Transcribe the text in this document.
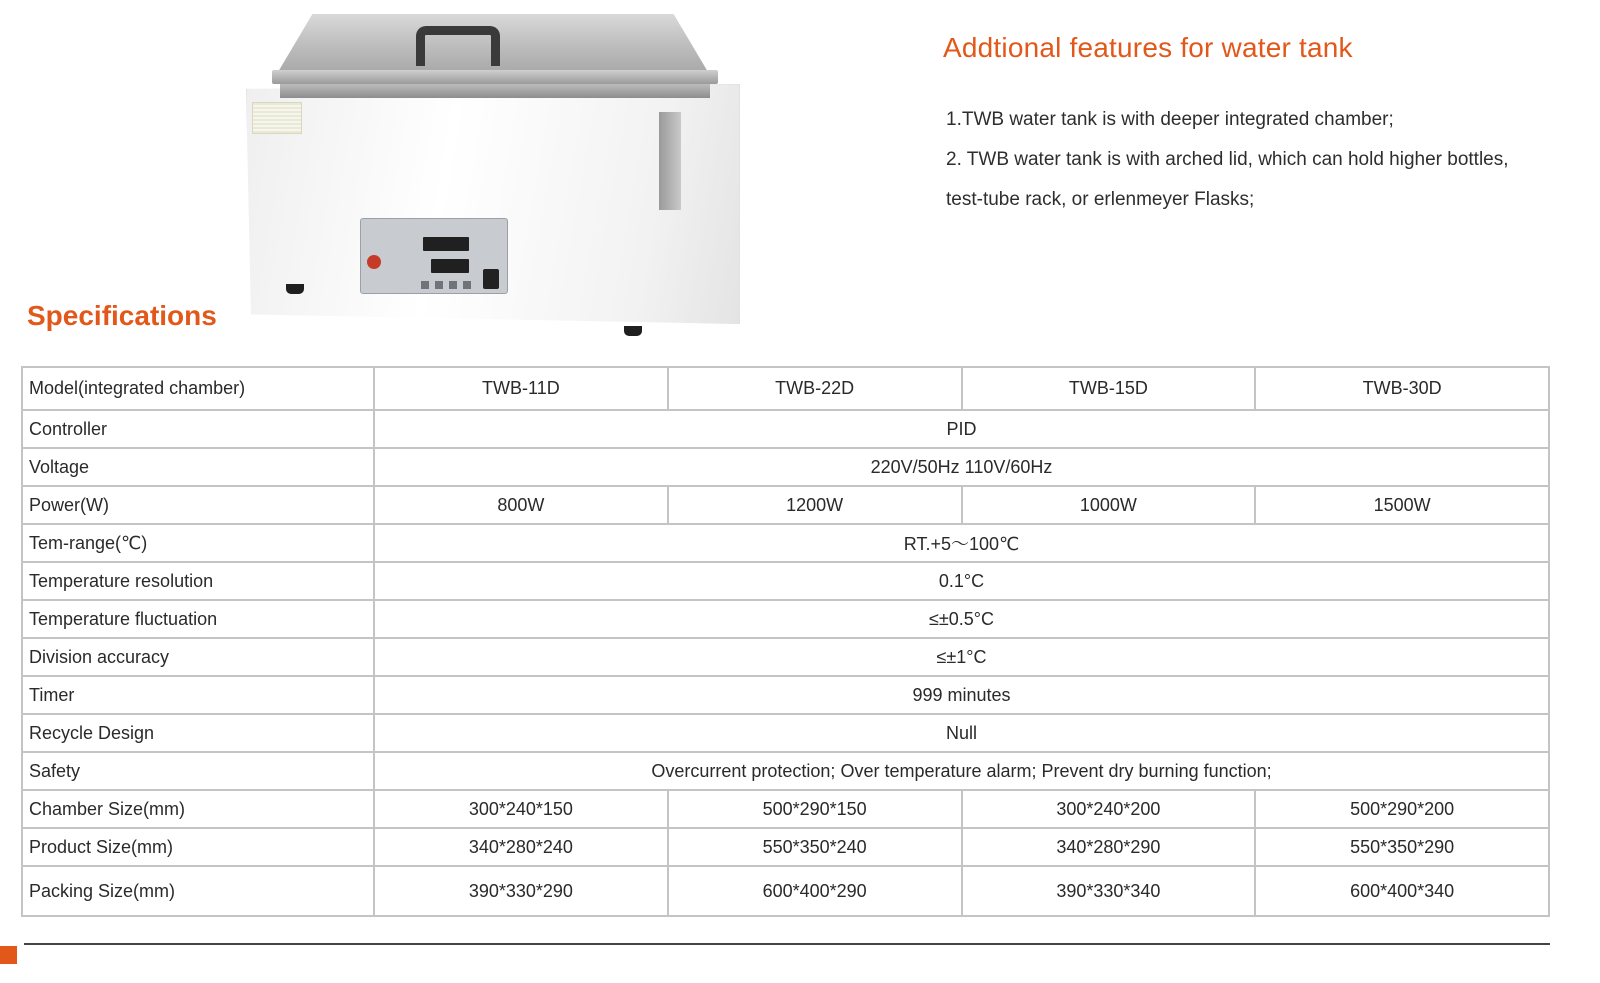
Addtional features for water tank

1.TWB water tank is with deeper integrated chamber;

2. TWB water tank is with arched lid, which can hold higher bottles, test-tube rack, or erlenmeyer Flasks;

Specifications
Model(integrated chamber)	TWB-11D	TWB-22D	TWB-15D	TWB-30D
Controller	PID			
Voltage	220V/50Hz 110V/60Hz			
Power(W)	800W	1200W	1000W	1500W
Tem-range(℃)	RT.+5～100℃			
Temperature resolution	0.1°C			
Temperature fluctuation	≤±0.5°C			
Division accuracy	≤±1°C			
Timer	999 minutes			
Recycle Design	Null			
Safety	Overcurrent protection; Over temperature alarm; Prevent dry burning function;			
Chamber Size(mm)	300*240*150	500*290*150	300*240*200	500*290*200
Product Size(mm)	340*280*240	550*350*240	340*280*290	550*350*290
Packing Size(mm)	390*330*290	600*400*290	390*330*340	600*400*340
